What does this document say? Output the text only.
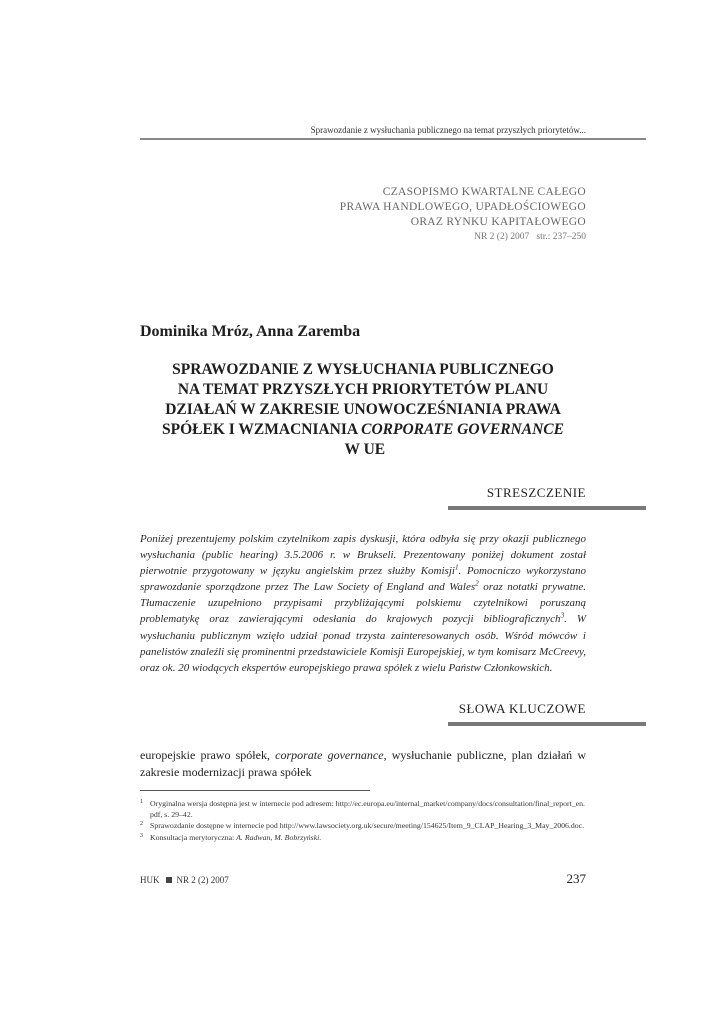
Sprawozdanie z wysłuchania publicznego na temat przyszłych priorytetów...
CZASOPISMO KWARTALNE CAŁEGO
PRAWA HANDLOWEGO, UPADŁOŚCIOWEGO
ORAZ RYNKU KAPITAŁOWEGO
NR 2 (2) 2007   str.: 237–250
Dominika Mróz, Anna Zaremba
SPRAWOZDANIE Z WYSŁUCHANIA PUBLICZNEGO
NA TEMAT PRZYSZŁYCH PRIORYTETÓW PLANU
DZIAŁAŃ W ZAKRESIE UNOWOCZEŚNIANIA PRAWA
SPÓŁEK I WZMACNIANIA CORPORATE GOVERNANCE W UE
STRESZCZENIE

Poniżej prezentujemy polskim czytelnikom zapis dyskusji, która odbyła się przy okazji publicznego wysłuchania (public hearing) 3.5.2006 r. w Brukseli. Prezentowany poniżej dokument został pierwotnie przygotowany w języku angielskim przez służby Komisji$^1$. Pomocniczo wykorzystano sprawozdanie sporządzone przez The Law Society of England and Wales$^2$ oraz notatki prywatne. Tłumaczenie uzupełniono przypisami przybliżającymi polskiemu czytelnikowi poruszaną problematykę oraz zawierającymi odesłania do krajowych pozycji bibliograficznych$^3$. W wysłuchaniu publicznym wzięło udział ponad trzysta zainteresowanych osób. Wśród mówców i panelistów znaleźli się prominentni przedstawiciele Komisji Europejskiej, w tym komisarz McCreevy, oraz ok. 20 wiodących ekspertów europejskiego prawa spółek z wielu Państw Członkowskich.

SŁOWA KLUCZOWE
europejskie prawo spółek, corporate governance, wysłuchanie publiczne, plan działań w zakresie modernizacji prawa spółek
1 Oryginalna wersja dostępna jest w internecie pod adresem: http://ec.europa.eu/internal_market/company/docs/consultation/final_report_en.pdf, s. 29–42.
2 Sprawozdanie dostępne w internecie pod http://www.lawsociety.org.uk/secure/meeting/154625/Item_9_CLAP_Hearing_3_May_2006.doc.
3 Konsultacja merytoryczna: A. Radwan, M. Bobrzyński.
HUK NR 2 (2) 2007	237
